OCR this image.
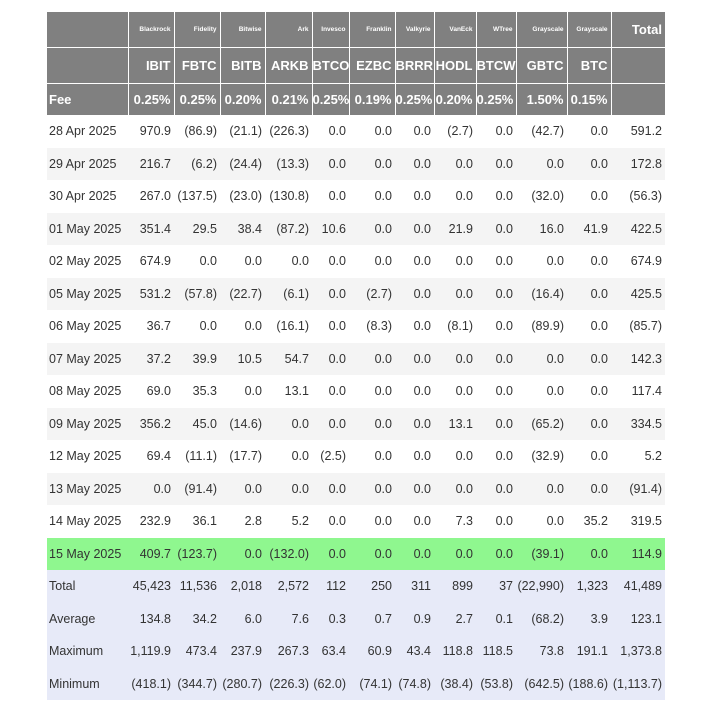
	Blackrock	Fidelity	Bitwise	Ark	Invesco	Franklin	Valkyrie	VanEck	WTree	Grayscale	Grayscale	Total
	IBIT	FBTC	BITB	ARKB	BTCO	EZBC	BRRR	HODL	BTCW	GBTC	BTC	
Fee	0.25%	0.25%	0.20%	0.21%	0.25%	0.19%	0.25%	0.20%	0.25%	1.50%	0.15%	
28 Apr 2025	970.9	(86.9)	(21.1)	(226.3)	0.0	0.0	0.0	(2.7)	0.0	(42.7)	0.0	591.2
29 Apr 2025	216.7	(6.2)	(24.4)	(13.3)	0.0	0.0	0.0	0.0	0.0	0.0	0.0	172.8
30 Apr 2025	267.0	(137.5)	(23.0)	(130.8)	0.0	0.0	0.0	0.0	0.0	(32.0)	0.0	(56.3)
01 May 2025	351.4	29.5	38.4	(87.2)	10.6	0.0	0.0	21.9	0.0	16.0	41.9	422.5
02 May 2025	674.9	0.0	0.0	0.0	0.0	0.0	0.0	0.0	0.0	0.0	0.0	674.9
05 May 2025	531.2	(57.8)	(22.7)	(6.1)	0.0	(2.7)	0.0	0.0	0.0	(16.4)	0.0	425.5
06 May 2025	36.7	0.0	0.0	(16.1)	0.0	(8.3)	0.0	(8.1)	0.0	(89.9)	0.0	(85.7)
07 May 2025	37.2	39.9	10.5	54.7	0.0	0.0	0.0	0.0	0.0	0.0	0.0	142.3
08 May 2025	69.0	35.3	0.0	13.1	0.0	0.0	0.0	0.0	0.0	0.0	0.0	117.4
09 May 2025	356.2	45.0	(14.6)	0.0	0.0	0.0	0.0	13.1	0.0	(65.2)	0.0	334.5
12 May 2025	69.4	(11.1)	(17.7)	0.0	(2.5)	0.0	0.0	0.0	0.0	(32.9)	0.0	5.2
13 May 2025	0.0	(91.4)	0.0	0.0	0.0	0.0	0.0	0.0	0.0	0.0	0.0	(91.4)
14 May 2025	232.9	36.1	2.8	5.2	0.0	0.0	0.0	7.3	0.0	0.0	35.2	319.5
15 May 2025	409.7	(123.7)	0.0	(132.0)	0.0	0.0	0.0	0.0	0.0	(39.1)	0.0	114.9
Total	45,423	11,536	2,018	2,572	112	250	311	899	37	(22,990)	1,323	41,489
Average	134.8	34.2	6.0	7.6	0.3	0.7	0.9	2.7	0.1	(68.2)	3.9	123.1
Maximum	1,119.9	473.4	237.9	267.3	63.4	60.9	43.4	118.8	118.5	73.8	191.1	1,373.8
Minimum	(418.1)	(344.7)	(280.7)	(226.3)	(62.0)	(74.1)	(74.8)	(38.4)	(53.8)	(642.5)	(188.6)	(1,113.7)
